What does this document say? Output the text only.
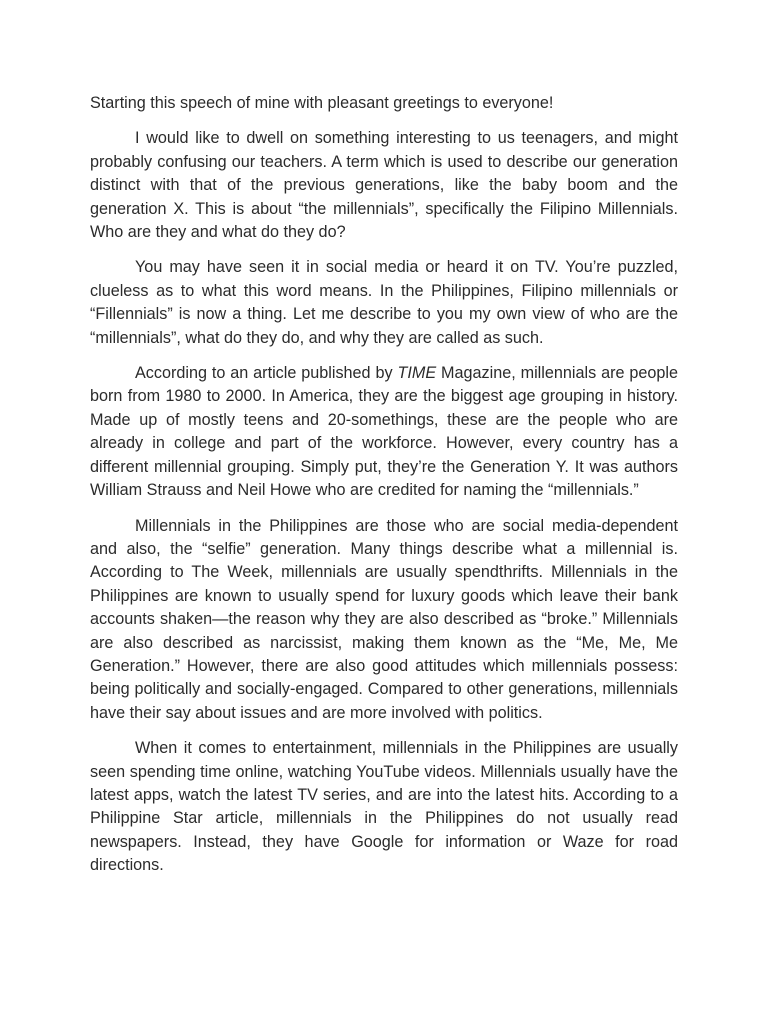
Starting this speech of mine with pleasant greetings to everyone!

I would like to dwell on something interesting to us teenagers, and might probably confusing our teachers. A term which is used to describe our generation distinct with that of the previous generations, like the baby boom and the generation X. This is about “the millennials”, specifically the Filipino Millennials. Who are they and what do they do?

You may have seen it in social media or heard it on TV. You’re puzzled, clueless as to what this word means. In the Philippines, Filipino millennials or “Fillennials” is now a thing. Let me describe to you my own view of who are the “millennials”, what do they do, and why they are called as such.

According to an article published by TIME Magazine, millennials are people born from 1980 to 2000. In America, they are the biggest age grouping in history. Made up of mostly teens and 20-somethings, these are the people who are already in college and part of the workforce. However, every country has a different millennial grouping. Simply put, they’re the Generation Y. It was authors William Strauss and Neil Howe who are credited for naming the “millennials.”

Millennials in the Philippines are those who are social media-dependent and also, the “selfie” generation. Many things describe what a millennial is. According to The Week, millennials are usually spendthrifts. Millennials in the Philippines are known to usually spend for luxury goods which leave their bank accounts shaken—the reason why they are also described as “broke.” Millennials are also described as narcissist, making them known as the “Me, Me, Me Generation.” However, there are also good attitudes which millennials possess: being politically and socially-engaged. Compared to other generations, millennials have their say about issues and are more involved with politics.

When it comes to entertainment, millennials in the Philippines are usually seen spending time online, watching YouTube videos. Millennials usually have the latest apps, watch the latest TV series, and are into the latest hits. According to a Philippine Star article, millennials in the Philippines do not usually read newspapers. Instead, they have Google for information or Waze for road directions.
